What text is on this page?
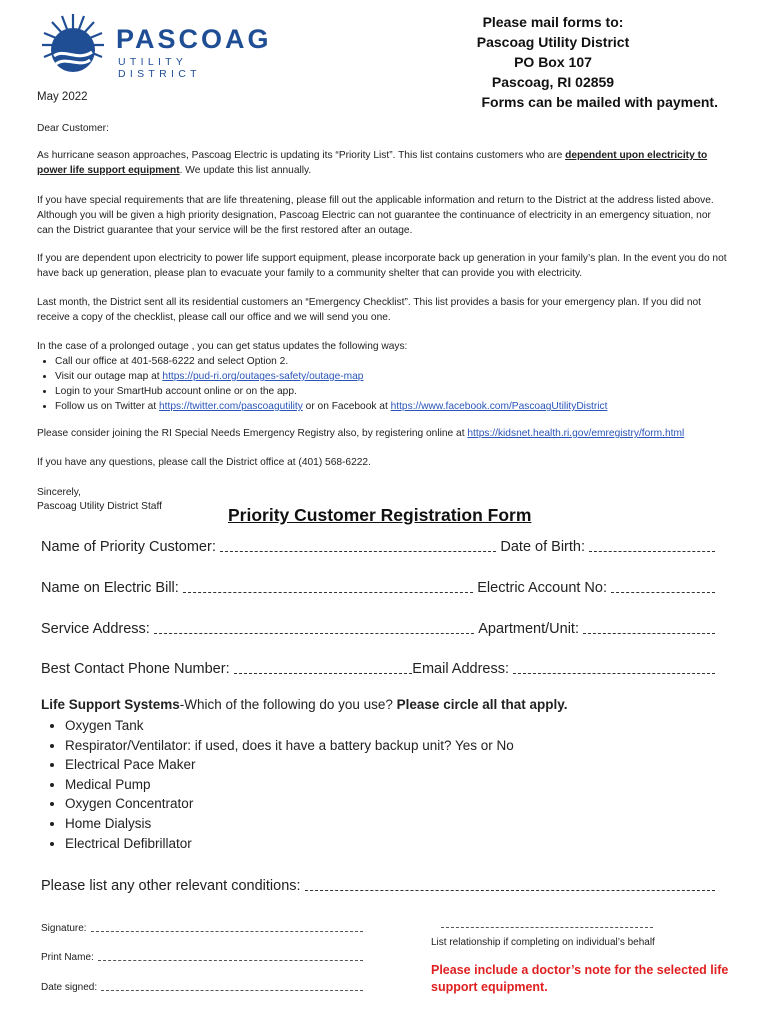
PASCOAG
UTILITY DISTRICT
Please mail forms to:
Pascoag Utility District
PO Box 107
Pascoag, RI 02859
Forms can be mailed with payment.
May 2022
Dear Customer:
As hurricane season approaches, Pascoag Electric is updating its “Priority List”. This list contains customers who are dependent upon electricity to power life support equipment. We update this list annually.
If you have special requirements that are life threatening, please fill out the applicable information and return to the District at the address listed above. Although you will be given a high priority designation, Pascoag Electric can not guarantee the continuance of electricity in an emergency situation, nor can the District guarantee that your service will be the first restored after an outage.
If you are dependent upon electricity to power life support equipment, please incorporate back up generation in your family’s plan. In the event you do not have back up generation, please plan to evacuate your family to a community shelter that can provide you with electricity.
Last month, the District sent all its residential customers an “Emergency Checklist”. This list provides a basis for your emergency plan. If you did not receive a copy of the checklist, please call our office and we will send you one.
In the case of a prolonged outage , you can get status updates the following ways:
• Call our office at 401-568-6222 and select Option 2.
• Visit our outage map at https://pud-ri.org/outages-safety/outage-map
• Login to your SmartHub account online or on the app.
• Follow us on Twitter at https://twitter.com/pascoagutility or on Facebook at https://www.facebook.com/PascoagUtilityDistrict
Please consider joining the RI Special Needs Emergency Registry also, by registering online at https://kidsnet.health.ri.gov/emregistry/form.html
If you have any questions, please call the District office at (401) 568-6222.
Sincerely,
Pascoag Utility District Staff	Priority Customer Registration Form
Name of Priority Customer:	Date of Birth:
Name on Electric Bill:	Electric Account No:
Service Address:	Apartment/Unit:
Best Contact Phone Number:	Email Address:
Life Support Systems-Which of the following do you use? Please circle all that apply.
• Oxygen Tank
• Respirator/Ventilator: if used, does it have a battery backup unit? Yes or No
• Electrical Pace Maker
• Medical Pump
• Oxygen Concentrator
• Home Dialysis
• Electrical Defibrillator
Please list any other relevant conditions:
Signature:
Print Name:
Date signed:
List relationship if completing on individual’s behalf
Please include a doctor’s note for the selected life support equipment.
